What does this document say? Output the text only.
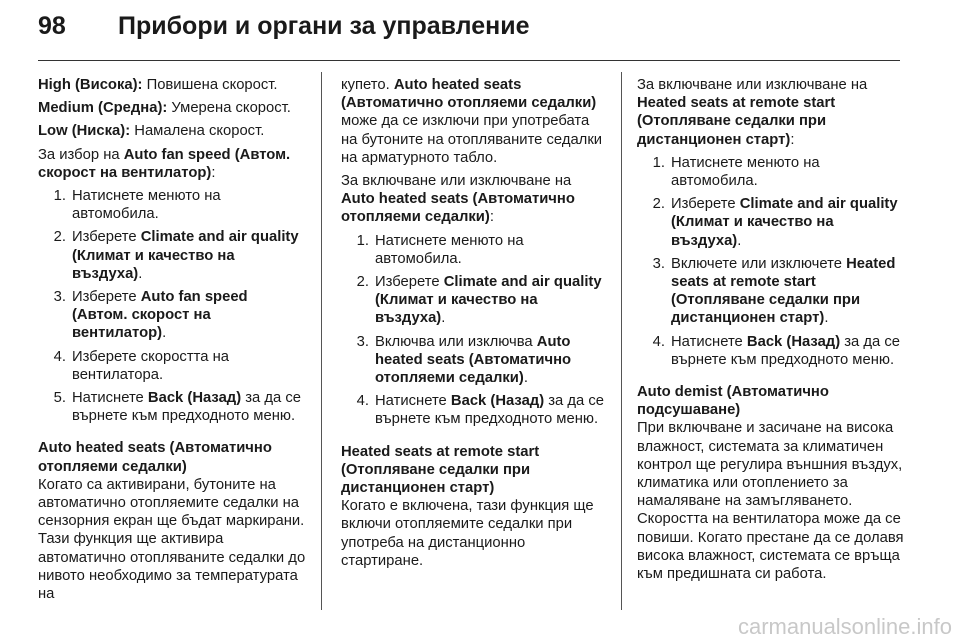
98	Прибори и органи за управление

High (Висока): Повишена скорост.

Medium (Средна): Умерена скорост.

Low (Ниска): Намалена скорост.

За избор на Auto fan speed (Автом. скорост на вентилатор):

1. Натиснете менюто на автомобила.
2. Изберете Climate and air quality (Климат и качество на въздуха).
3. Изберете Auto fan speed (Автом. скорост на вентилатор).
4. Изберете скоростта на вентилатора.
5. Натиснете Back (Назад) за да се върнете към предходното меню.
Auto heated seats (Автоматично отопляеми седалки)
Когато са активирани, бутоните на автоматично отопляемите седалки на сензорния екран ще бъдат маркирани. Тази функция ще активира автоматично отопляваните седалки до нивото необходимо за температурата на

купето. Auto heated seats (Автоматично отопляеми седалки) може да се изключи при употребата на бутоните на отопляваните седалки на арматурното табло.

За включване или изключване на Auto heated seats (Автоматично отопляеми седалки):

1. Натиснете менюто на автомобила.
2. Изберете Climate and air quality (Климат и качество на въздуха).
3. Включва или изключва Auto heated seats (Автоматично отопляеми седалки).
4. Натиснете Back (Назад) за да се върнете към предходното меню.
Heated seats at remote start (Отопляване седалки при дистанционен старт)
Когато е включена, тази функция ще включи отопляемите седалки при употреба на дистанционно стартиране.

За включване или изключване на Heated seats at remote start (Отопляване седалки при дистанционен старт):

1. Натиснете менюто на автомобила.
2. Изберете Climate and air quality (Климат и качество на въздуха).
3. Включете или изключете Heated seats at remote start (Отопляване седалки при дистанционен старт).
4. Натиснете Back (Назад) за да се върнете към предходното меню.
Auto demist (Автоматично подсушаване)
При включване и засичане на висока влажност, системата за климатичен контрол ще регулира външния въздух, климатика или отоплението за намаляване на замъгляването. Скоростта на вентилатора може да се повиши. Когато престане да се долавя висока влажност, системата се връща към предишната си работа.
carmanualsonline.info
